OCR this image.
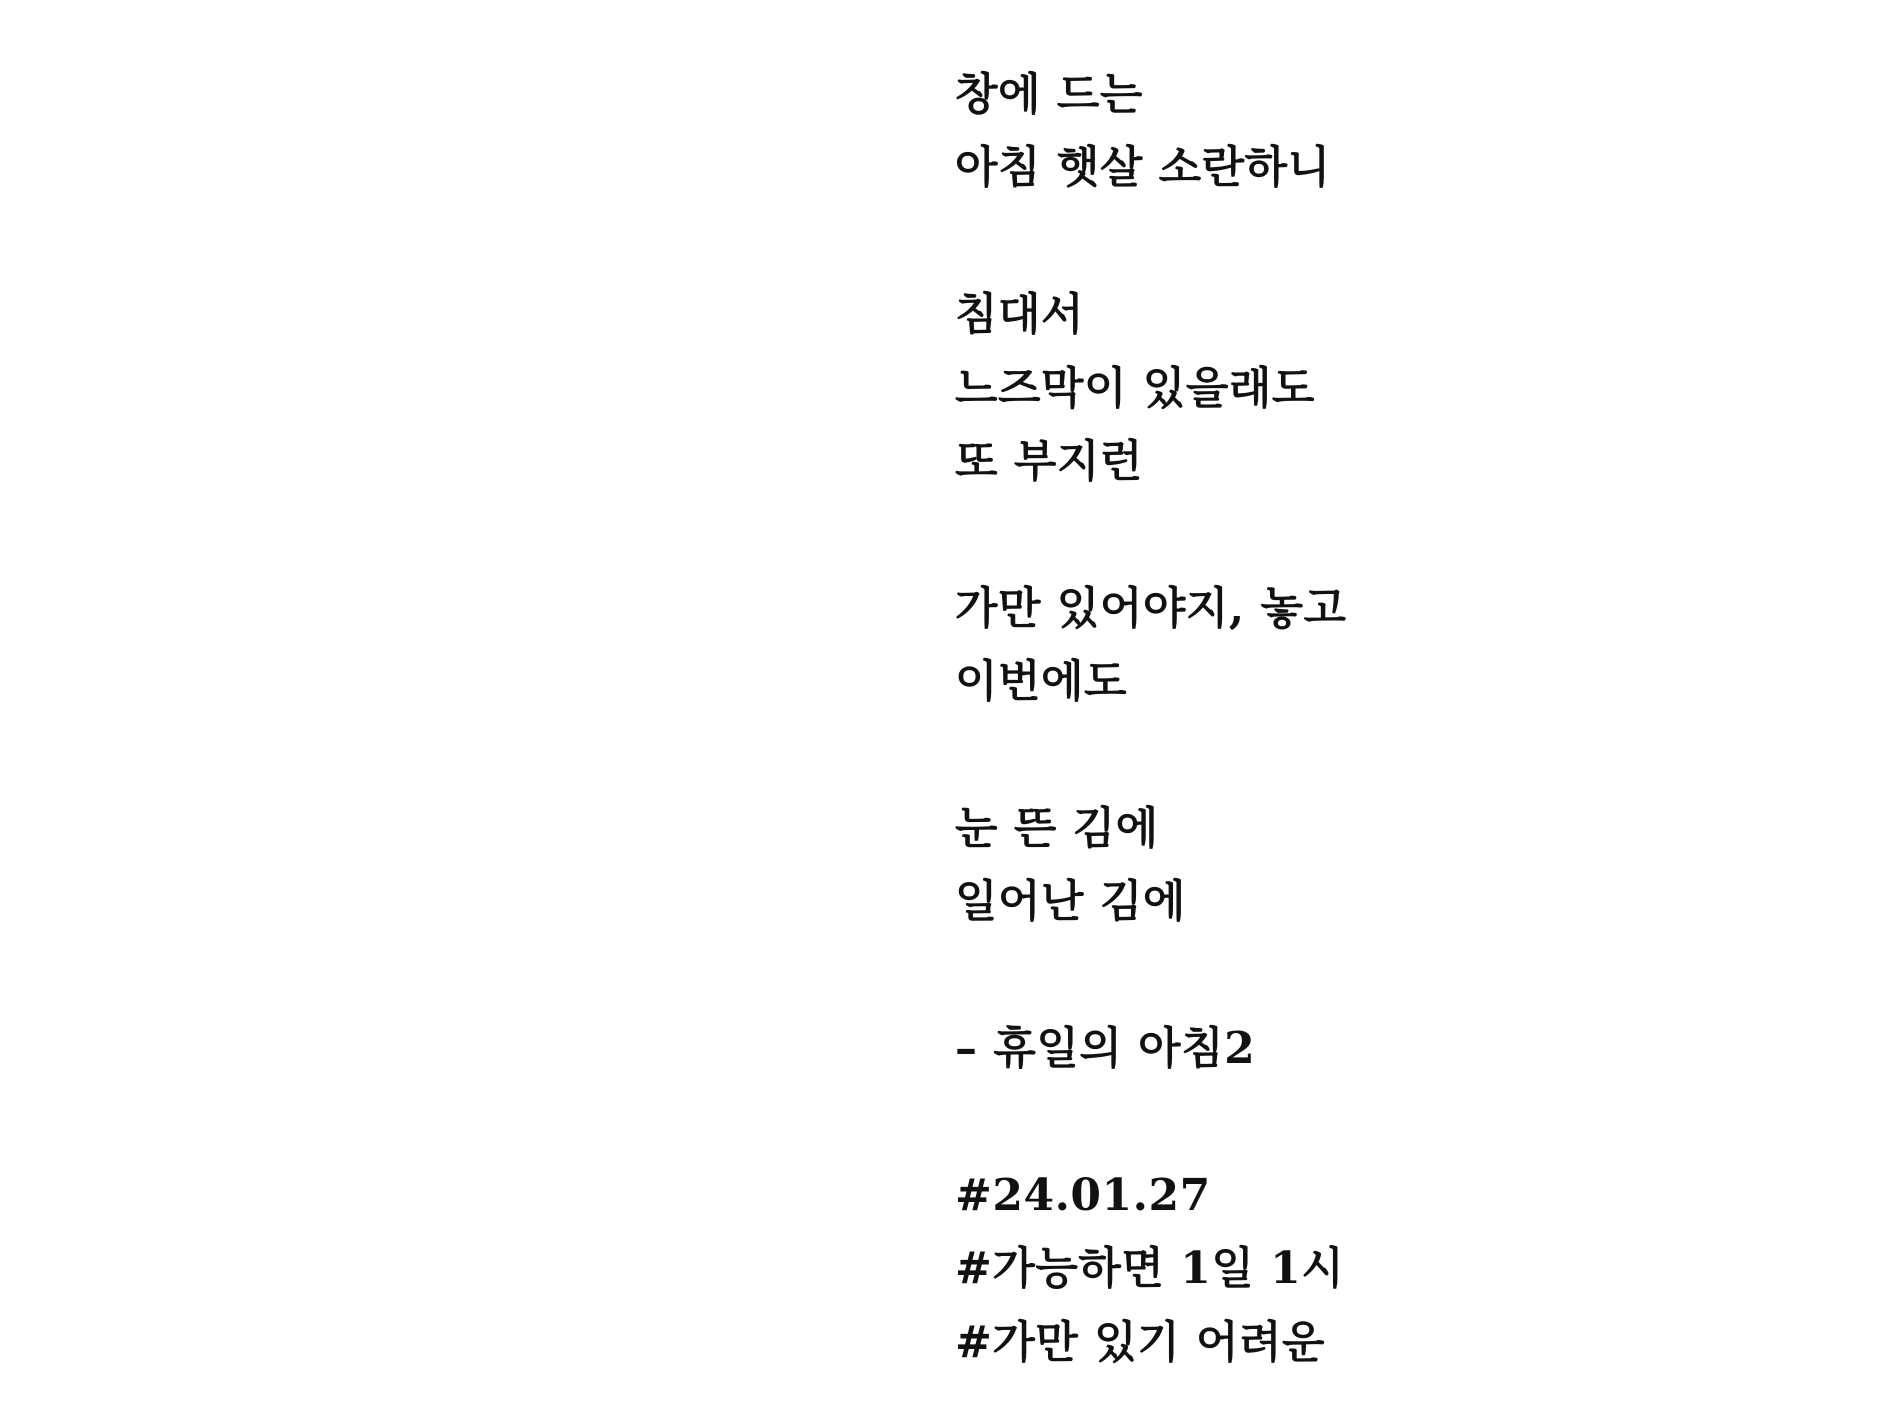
창에 드는
아침 햇살 소란하니
침대서
느즈막이 있을래도
또 부지런
가만 있어야지, 놓고
이번에도
눈 뜬 김에
일어난 김에
– 휴일의 아침2
#24.01.27
#가능하면 1일 1시
#가만 있기 어려운
